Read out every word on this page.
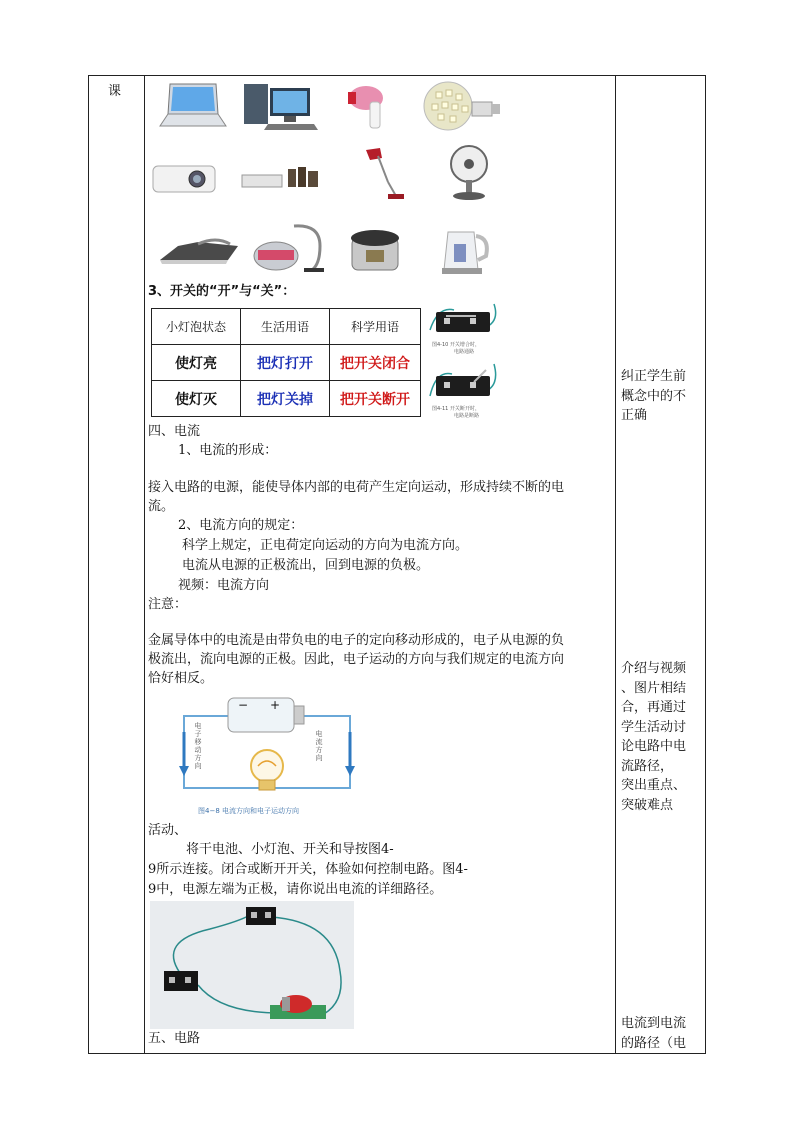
课
3、开关的“开”与“关”：
小灯泡状态	生活用语	科学用语
使灯亮	把灯打开	把开关闭合
使灯灭	把灯关掉	把开关断开
图4-10 开关增合时，
电路通路
图4-11 开关断开时，
电路是断路
四、电流
1、电流的形成：
接入电路的电源，能使导体内部的电荷产生定向运动，形成持续不断的电
流。
2、电流方向的规定：
科学上规定，正电荷定向运动的方向为电流方向。
电流从电源的正极流出，回到电源的负极。
视频：电流方向
注意：
金属导体中的电流是由带负电的电子的定向移动形成的，电子从电源的负
极流出，流向电源的正极。因此，电子运动的方向与我们规定的电流方向
恰好相反。
− +
电子移动方向	电流方向
图4−8 电流方向和电子运动方向
活动、
将干电池、小灯泡、开关和导按图4-
9所示连接。闭合或断开开关，体验如何控制电路。图4-
9中，电源左端为正极，请你说出电流的详细路径。
五、电路
纠正学生前
概念中的不
正确
介绍与视频
、图片相结
合，再通过
学生活动讨
论电路中电
流路径，
突出重点、
突破难点
电流到电流
的路径（电
